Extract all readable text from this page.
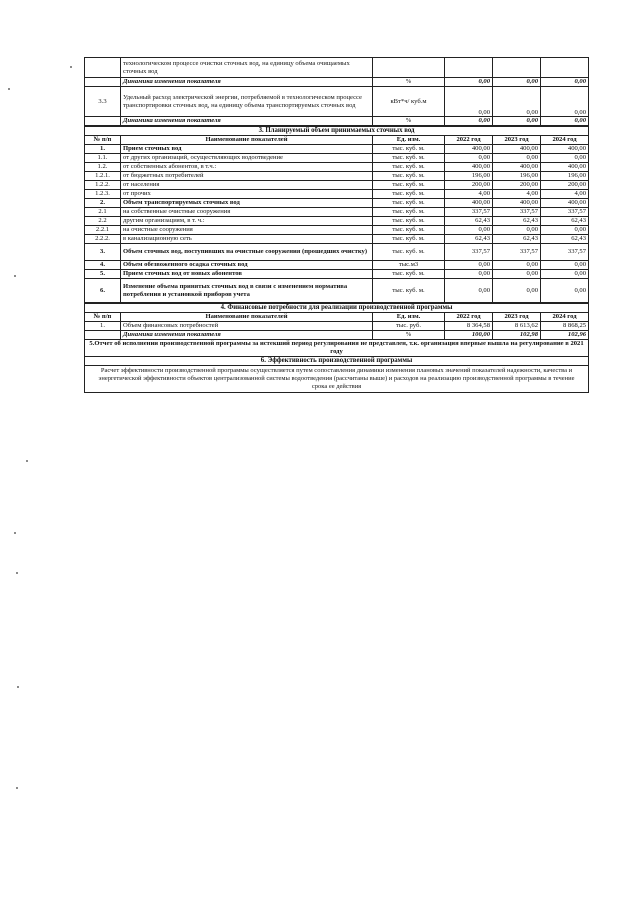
	технологическом процессе очистки сточных вод, на единицу объема очищаемых сточных вод				
	Динамика изменения показателя	%	0,00	0,00	0,00
3.3	Удельный расход электрической энергии, потребляемой в технологическом процессе транспортировки сточных вод, на единицу объема транспортируемых сточных вод	кВт*ч/ куб.м	0,00	0,00	0,00
	Динамика изменения показателя	%	0,00	0,00	0,00
3. Планируемый объем принимаемых сточных вод					
№ п/п	Наименование показателей	Ед. изм.	2022 год	2023 год	2024 год
1.	Прием сточных вод	тыс. куб. м.	400,00	400,00	400,00
1.1.	от других организаций, осуществляющих водоотведение	тыс. куб. м.	0,00	0,00	0,00
1.2.	от собственных абонентов, в т.ч.:	тыс. куб. м.	400,00	400,00	400,00
1.2.1.	от бюджетных потребителей	тыс. куб. м.	196,00	196,00	196,00
1.2.2.	от населения	тыс. куб. м.	200,00	200,00	200,00
1.2.3.	от прочих	тыс. куб. м.	4,00	4,00	4,00
2.	Объем транспортируемых сточных вод	тыс. куб. м.	400,00	400,00	400,00
2.1	на собственные очистные сооружения	тыс. куб. м.	337,57	337,57	337,57
2.2	другим организациям, в т. ч.:	тыс. куб. м.	62,43	62,43	62,43
2.2.1	на очистные сооружения	тыс. куб. м.	0,00	0,00	0,00
2.2.2.	в канализационную сеть	тыс. куб. м.	62,43	62,43	62,43
3.	Объем сточных вод, поступивших на очистные сооружения (прошедших очистку)	тыс. куб. м.	337,57	337,57	337,57
4.	Объем обезвоженного осадка сточных вод	тыс.м3	0,00	0,00	0,00
5.	Прием сточных вод от новых абонентов	тыс. куб. м.	0,00	0,00	0,00
6.	Изменение объема принятых сточных вод в связи с изменением норматива потребления и установкой приборов учета	тыс. куб. м.	0,00	0,00	0,00
4. Финансовые потребности для реализации производственной программы					
№ п/п	Наименование показателей	Ед. изм.	2022 год	2023 год	2024 год
1.	Объем финансовых потребностей	тыс. руб.	8 364,58	8 613,62	8 868,25
	Динамика изменения показателя	%	100,00	102,98	102,96
5.Отчет об исполнении производственной программы за истекший период регулирования не представлен, т.к. организация впервые вышла на регулирование в 2021 году					
6. Эффективность производственной программы					
Расчет эффективности производственной программы осуществляется путем сопоставления динамики изменения плановых значений показателей надежности, качества и энергетической эффективности объектов централизованной системы водоотведения (рассчитаны выше) и расходов на реализацию производственной программы в течение срока ее действия					
